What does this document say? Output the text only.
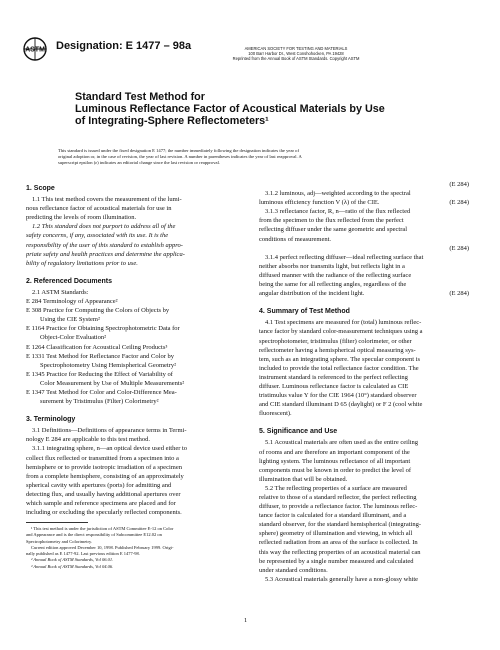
ASTM Designation: E 1477 – 98a	AMERICAN SOCIETY FOR TESTING AND MATERIALS
100 Barr Harbor Dr., West Conshohocken, PA 19428
Reprinted from the Annual Book of ASTM Standards. Copyright ASTM
Standard Test Method for
Luminous Reflectance Factor of Acoustical Materials by Use
of Integrating-Sphere Reflectometers¹
This standard is issued under the fixed designation E 1477; the number immediately following the designation indicates the year of
original adoption or, in the case of revision, the year of last revision. A number in parentheses indicates the year of last reapproval. A
superscript epsilon (ε) indicates an editorial change since the last revision or reapproval.
1. Scope
1.1 This test method covers the measurement of the lumi-
nous reflectance factor of acoustical materials for use in
predicting the levels of room illumination.
1.2 This standard does not purport to address all of the
safety concerns, if any, associated with its use. It is the
responsibility of the user of this standard to establish appro-
priate safety and health practices and determine the applica-
bility of regulatory limitations prior to use.
2. Referenced Documents
2.1 ASTM Standards:
E 284 Terminology of Appearance²
E 308 Practice for Computing the Colors of Objects by
Using the CIE System²
E 1164 Practice for Obtaining Spectrophotometric Data for
Object-Color Evaluation²
E 1264 Classification for Acoustical Ceiling Products³
E 1331 Test Method for Reflectance Factor and Color by
Spectrophotometry Using Hemispherical Geometry²
E 1345 Practice for Reducing the Effect of Variability of
Color Measurement by Use of Multiple Measurements²
E 1347 Test Method for Color and Color-Difference Mea-
surement by Tristimulus (Filter) Colorimetry²
3. Terminology
3.1 Definitions—Definitions of appearance terms in Termi-
nology E 284 are applicable to this test method.
3.1.1 integrating sphere, n—an optical device used either to
collect flux reflected or transmitted from a specimen into a
hemisphere or to provide isotropic irradiation of a specimen
from a complete hemisphere, consisting of an approximately
spherical cavity with apertures (ports) for admitting and
detecting flux, and usually having additional apertures over
which sample and reference specimens are placed and for
including or excluding the specularly reflected components.
(E 284)
3.1.2 luminous, adj—weighted according to the spectral
luminous efficiency function V (λ) of the CIE.	(E 284)
3.1.3 reflectance factor, R, n—ratio of the flux reflected
from the specimen to the flux reflected from the perfect
reflecting diffuser under the same geometric and spectral
conditions of measurement.
(E 284)
3.1.4 perfect reflecting diffuser—ideal reflecting surface that
neither absorbs nor transmits light, but reflects light in a
diffused manner with the radiance of the reflecting surface
being the same for all reflecting angles, regardless of the
angular distribution of the incident light.	(E 284)
4. Summary of Test Method
4.1 Test specimens are measured for (total) luminous reflec-
tance factor by standard color-measurement techniques using a
spectrophotometer, tristimulus (filter) colorimeter, or other
reflectometer having a hemispherical optical measuring sys-
tem, such as an integrating sphere. The specular component is
included to provide the total reflectance factor condition. The
instrument standard is referenced to the perfect reflecting
diffuser. Luminous reflectance factor is calculated as CIE
tristimulus value Y for the CIE 1964 (10°) standard observer
and CIE standard illuminant D 65 (daylight) or F 2 (cool white
fluorescent).
5. Significance and Use
5.1 Acoustical materials are often used as the entire ceiling
of rooms and are therefore an important component of the
lighting system. The luminous reflectance of all important
components must be known in order to predict the level of
illumination that will be obtained.
5.2 The reflecting properties of a surface are measured
relative to those of a standard reflector, the perfect reflecting
diffuser, to provide a reflectance factor. The luminous reflec-
tance factor is calculated for a standard illuminant, and a
standard observer, for the standard hemispherical (integrating-
sphere) geometry of illumination and viewing, in which all
reflected radiation from an area of the surface is collected. In
this way the reflecting properties of an acoustical material can
be represented by a single number measured and calculated
under standard conditions.
5.3 Acoustical materials generally have a non-glossy white
¹ This test method is under the jurisdiction of ASTM Committee E-12 on Color
and Appearance and is the direct responsibility of Subcommittee E12.02 on
Spectrophotometry and Colorimetry.
Current edition approved December 10, 1998. Published February 1999. Origi-
nally published as E 1477-92. Last previous edition E 1477-98.
² Annual Book of ASTM Standards, Vol 06.01.
³ Annual Book of ASTM Standards, Vol 04.06.
1
